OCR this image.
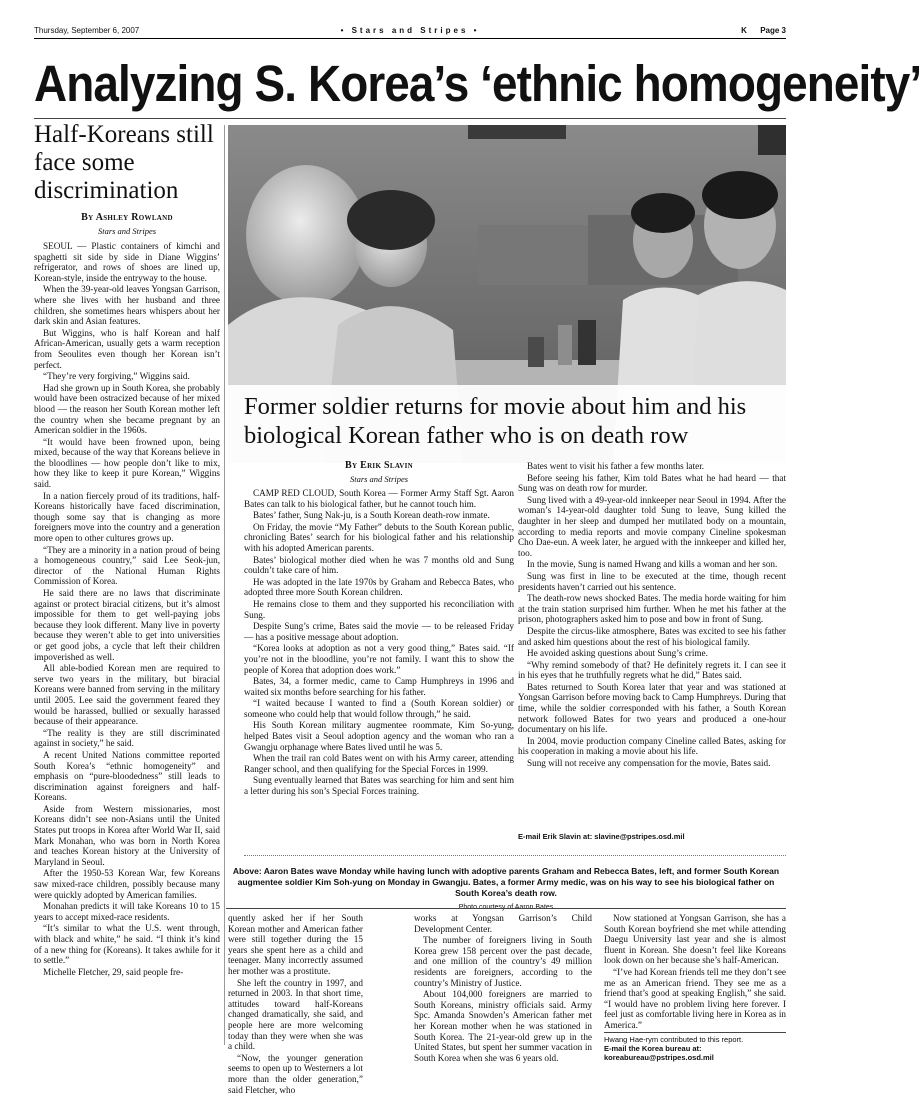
Thursday, September 6, 2007	• Stars and Stripes •	K Page 3
Analyzing S. Korea’s ‘ethnic homogeneity’
Half-Koreans still face some discrimination
By Ashley Rowland
Stars and Stripes

SEOUL — Plastic containers of kimchi and spaghetti sit side by side in Diane Wiggins’ refrigerator, and rows of shoes are lined up, Korean-style, inside the entryway to the house.

When the 39-year-old leaves Yongsan Garrison, where she lives with her husband and three children, she sometimes hears whispers about her dark skin and Asian features.

But Wiggins, who is half Korean and half African-American, usually gets a warm reception from Seoulites even though her Korean isn’t perfect.

“They’re very forgiving,” Wiggins said.

Had she grown up in South Korea, she probably would have been ostracized because of her mixed blood — the reason her South Korean mother left the country when she became pregnant by an American soldier in the 1960s.

“It would have been frowned upon, being mixed, because of the way that Koreans believe in the bloodlines — how people don’t like to mix, how they like to keep it pure Korean,” Wiggins said.

In a nation fiercely proud of its traditions, half-Koreans historically have faced discrimination, though some say that is changing as more foreigners move into the country and a generation more open to other cultures grows up.

“They are a minority in a nation proud of being a homogeneous country,” said Lee Seok-jun, director of the National Human Rights Commission of Korea.

He said there are no laws that discriminate against or protect biracial citizens, but it’s almost impossible for them to get well-paying jobs because they look different. Many live in poverty because they weren’t able to get into universities or get good jobs, a cycle that left their children impoverished as well.

All able-bodied Korean men are required to serve two years in the military, but biracial Koreans were banned from serving in the military until 2005. Lee said the government feared they would be harassed, bullied or sexually harassed because of their appearance.

“The reality is they are still discriminated against in society,” he said.

A recent United Nations committee reported South Korea’s “ethnic homogeneity” and emphasis on “pure-bloodedness” still leads to discrimination against foreigners and half-Koreans.

Aside from Western missionaries, most Koreans didn’t see non-Asians until the United States put troops in Korea after World War II, said Mark Monahan, who was born in North Korea and teaches Korean history at the University of Maryland in Seoul.

After the 1950-53 Korean War, few Koreans saw mixed-race children, possibly because many were quickly adopted by American families.

Monahan predicts it will take Koreans 10 to 15 years to accept mixed-race residents.

“It’s similar to what the U.S. went through, with black and white,” he said. “I think it’s kind of a new thing for (Koreans). It takes awhile for it to settle.”

Michelle Fletcher, 29, said people fre-

Former soldier returns for movie about him and his biological Korean father who is on death row
By Erik Slavin
Stars and Stripes

CAMP RED CLOUD, South Korea — Former Army Staff Sgt. Aaron Bates can talk to his biological father, but he cannot touch him.

Bates’ father, Sung Nak-ju, is a South Korean death-row inmate.

On Friday, the movie “My Father” debuts to the South Korean public, chronicling Bates’ search for his biological father and his relationship with his adopted American parents.

Bates’ biological mother died when he was 7 months old and Sung couldn’t take care of him.

He was adopted in the late 1970s by Graham and Rebecca Bates, who adopted three more South Korean children.

He remains close to them and they supported his reconciliation with Sung.

Despite Sung’s crime, Bates said the movie — to be released Friday — has a positive message about adoption.

“Korea looks at adoption as not a very good thing,” Bates said. “If you’re not in the bloodline, you’re not family. I want this to show the people of Korea that adoption does work.”

Bates, 34, a former medic, came to Camp Humphreys in 1996 and waited six months before searching for his father.

“I waited because I wanted to find a (South Korean soldier) or someone who could help that would follow through,” he said.

His South Korean military augmentee roommate, Kim So-yung, helped Bates visit a Seoul adoption agency and the woman who ran a Gwangju orphanage where Bates lived until he was 5.

When the trail ran cold Bates went on with his Army career, attending Ranger school, and then qualifying for the Special Forces in 1999.

Sung eventually learned that Bates was searching for him and sent him a letter during his son’s Special Forces training.

Bates went to visit his father a few months later.

Before seeing his father, Kim told Bates what he had heard — that Sung was on death row for murder.

Sung lived with a 49-year-old innkeeper near Seoul in 1994. After the woman’s 14-year-old daughter told Sung to leave, Sung killed the daughter in her sleep and dumped her mutilated body on a mountain, according to media reports and movie company Cineline spokesman Cho Dae-eun. A week later, he argued with the innkeeper and killed her, too.

In the movie, Sung is named Hwang and kills a woman and her son.

Sung was first in line to be executed at the time, though recent presidents haven’t carried out his sentence.

The death-row news shocked Bates. The media horde waiting for him at the train station surprised him further. When he met his father at the prison, photographers asked him to pose and bow in front of Sung.

Despite the circus-like atmosphere, Bates was excited to see his father and asked him questions about the rest of his biological family.

He avoided asking questions about Sung’s crime.

“Why remind somebody of that? He definitely regrets it. I can see it in his eyes that he truthfully regrets what he did,” Bates said.

Bates returned to South Korea later that year and was stationed at Yongsan Garrison before moving back to Camp Humphreys. During that time, while the soldier corresponded with his father, a South Korean network followed Bates for two years and produced a one-hour documentary on his life.

In 2004, movie production company Cineline called Bates, asking for his cooperation in making a movie about his life.

Sung will not receive any compensation for the movie, Bates said.

E-mail Erik Slavin at: slavine@pstripes.osd.mil
Above: Aaron Bates wave Monday while having lunch with adoptive parents Graham and Rebecca Bates, left, and former South Korean augmentee soldier Kim Soh-yung on Monday in Gwangju. Bates, a former Army medic, was on his way to see his biological father on South Korea’s death row.
Photo courtesy of Aaron Bates

quently asked her if her South Korean mother and American father were still together during the 15 years she spent here as a child and teenager. Many incorrectly assumed her mother was a prostitute.

She left the country in 1997, and returned in 2003. In that short time, attitudes toward half-Koreans changed dramatically, she said, and people here are more welcoming today than they were when she was a child.

“Now, the younger generation seems to open up to Westerners a lot more than the older generation,” said Fletcher, who

works at Yongsan Garrison’s Child Development Center.

The number of foreigners living in South Korea grew 158 percent over the past decade, and one million of the country’s 49 million residents are foreigners, according to the country’s Ministry of Justice.

About 104,000 foreigners are married to South Koreans, ministry officials said. Army Spc. Amanda Snowden’s American father met her Korean mother when he was stationed in South Korea. The 21-year-old grew up in the United States, but spent her summer vacation in South Korea when she was 6 years old.

Now stationed at Yongsan Garrison, she has a South Korean boyfriend she met while attending Daegu University last year and she is almost fluent in Korean. She doesn’t feel like Koreans look down on her because she’s half-American.

“I’ve had Korean friends tell me they don’t see me as an American friend. They see me as a friend that’s good at speaking English,” she said. “I would have no problem living here forever. I feel just as comfortable living here in Korea as in America.”

Hwang Hae-rym contributed to this report.
E-mail the Korea bureau at:
koreabureau@pstripes.osd.mil
